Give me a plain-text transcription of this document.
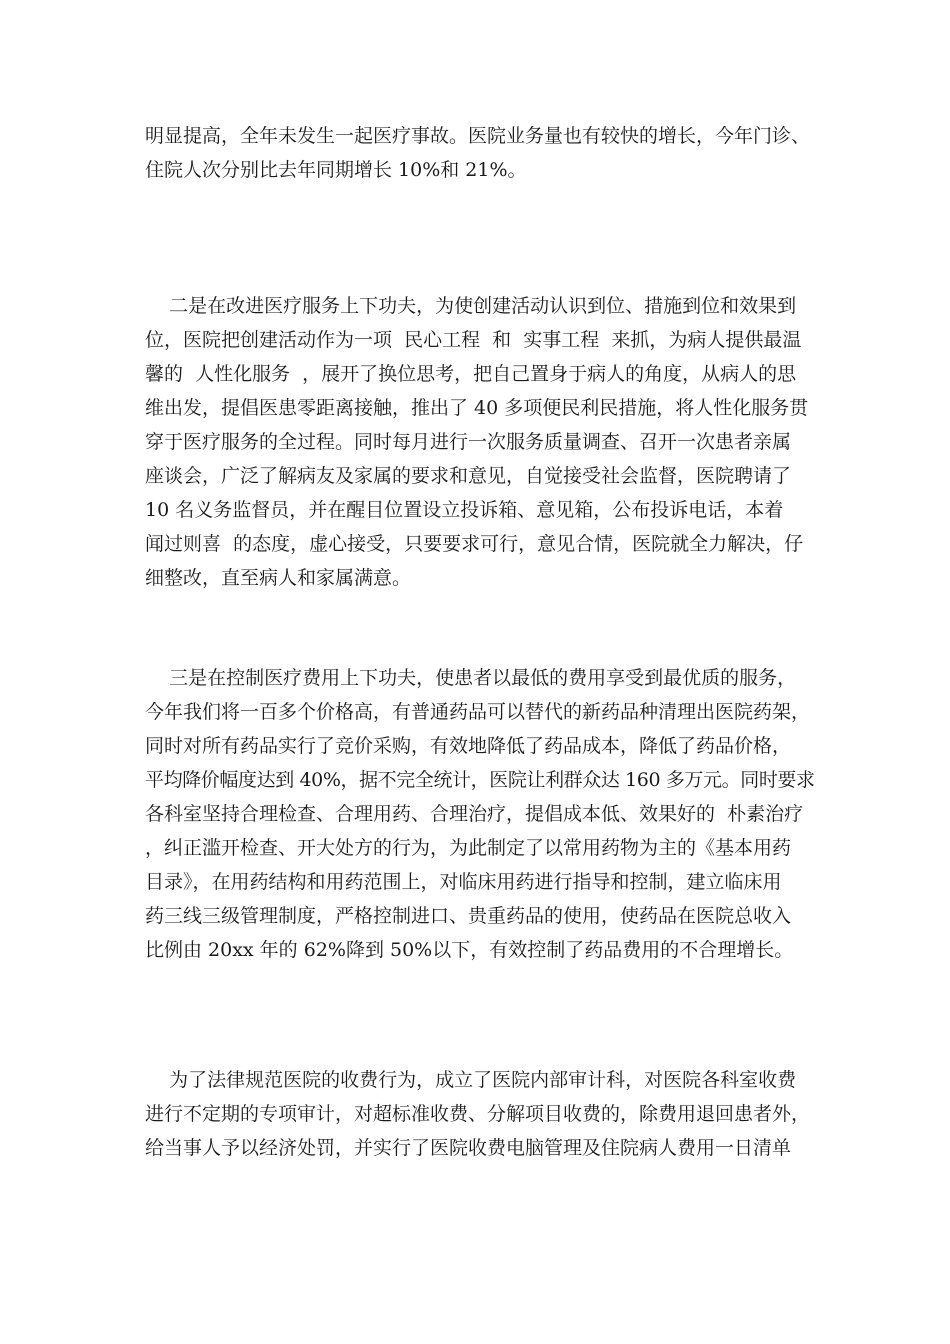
明显提高，全年未发生一起医疗事故。医院业务量也有较快的增长，今年门诊、
住院人次分别比去年同期增长 10%和 21%。
二是在改进医疗服务上下功夫，为使创建活动认识到位、措施到位和效果到
位，医院把创建活动作为一项  民心工程  和  实事工程  来抓，为病人提供最温
馨的  人性化服务  ，展开了换位思考，把自己置身于病人的角度，从病人的思
维出发，提倡医患零距离接触，推出了 40 多项便民利民措施，将人性化服务贯
穿于医疗服务的全过程。同时每月进行一次服务质量调查、召开一次患者亲属
座谈会，广泛了解病友及家属的要求和意见，自觉接受社会监督，医院聘请了
10 名义务监督员，并在醒目位置设立投诉箱、意见箱，公布投诉电话，本着
闻过则喜  的态度，虚心接受，只要要求可行，意见合情，医院就全力解决，仔
细整改，直至病人和家属满意。
三是在控制医疗费用上下功夫，使患者以最低的费用享受到最优质的服务，
今年我们将一百多个价格高，有普通药品可以替代的新药品种清理出医院药架，
同时对所有药品实行了竞价采购，有效地降低了药品成本，降低了药品价格，
平均降价幅度达到 40%，据不完全统计，医院让利群众达 160 多万元。同时要求
各科室坚持合理检查、合理用药、合理治疗，提倡成本低、效果好的  朴素治疗
，纠正滥开检查、开大处方的行为，为此制定了以常用药物为主的《基本用药
目录》，在用药结构和用药范围上，对临床用药进行指导和控制，建立临床用
药三线三级管理制度，严格控制进口、贵重药品的使用，使药品在医院总收入
比例由 20xx 年的 62%降到 50%以下，有效控制了药品费用的不合理增长。
为了法律规范医院的收费行为，成立了医院内部审计科，对医院各科室收费
进行不定期的专项审计，对超标准收费、分解项目收费的，除费用退回患者外，
给当事人予以经济处罚，并实行了医院收费电脑管理及住院病人费用一日清单
